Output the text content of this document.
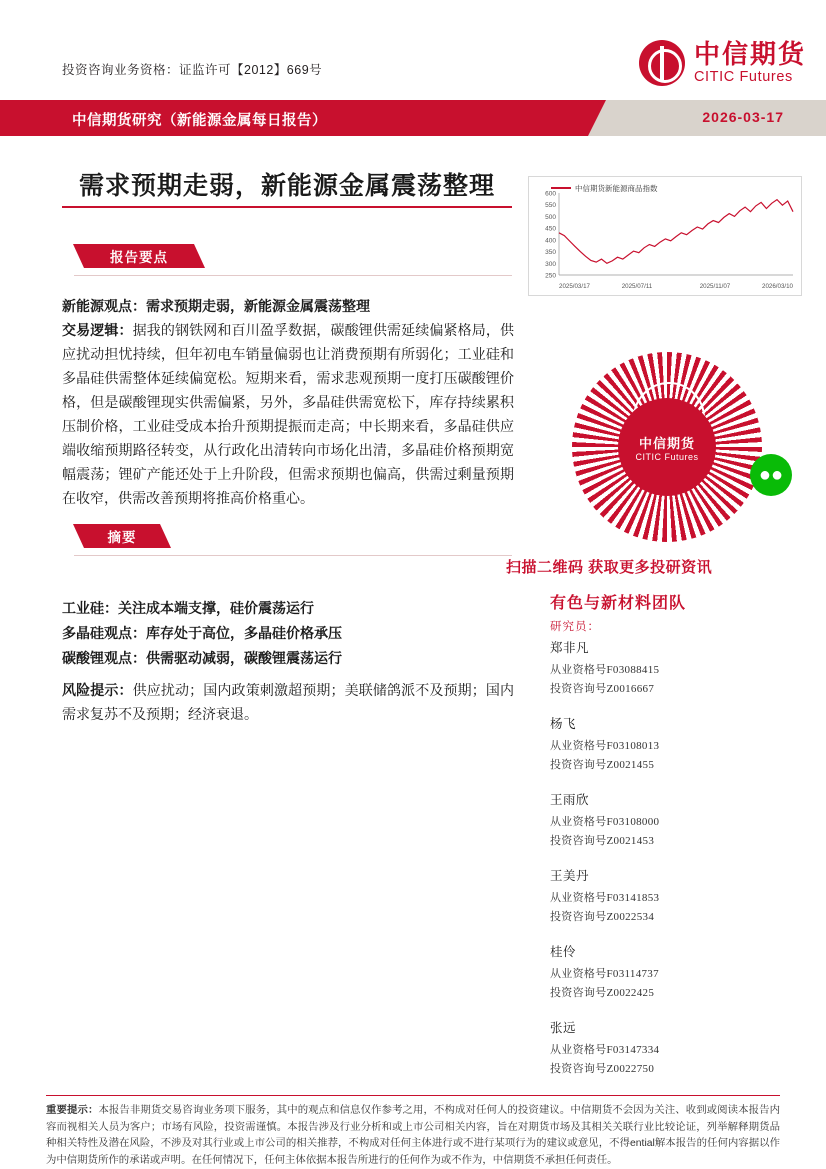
投资咨询业务资格：证监许可【2012】669号
中信期货
CITIC Futures
中信期货研究（新能源金属每日报告）	2026-03-17
需求预期走弱，新能源金属震荡整理
报告要点
新能源观点：需求预期走弱，新能源金属震荡整理
交易逻辑：据我的钢铁网和百川盈孚数据，碳酸锂供需延续偏紧格局，供应扰动担忧持续，但年初电车销量偏弱也让消费预期有所弱化；工业硅和多晶硅供需整体延续偏宽松。短期来看，需求悲观预期一度打压碳酸锂价格，但是碳酸锂现实供需偏紧，另外，多晶硅供需宽松下，库存持续累积压制价格，工业硅受成本抬升预期提振而走高；中长期来看，多晶硅供应端收缩预期路径转变，从行政化出清转向市场化出清，多晶硅价格预期宽幅震荡；锂矿产能还处于上升阶段，但需求预期也偏高，供需过剩量预期在收窄，供需改善预期将推高价格重心。
摘要
工业硅：关注成本端支撑，硅价震荡运行
多晶硅观点：库存处于高位，多晶硅价格承压
碳酸锂观点：供需驱动减弱，碳酸锂震荡运行
风险提示：供应扰动；国内政策刺激超预期；美联储鸽派不及预期；国内需求复苏不及预期；经济衰退。
中信期货新能源商品指数
250
300
350
400
450
500
550
600
2025/03/17	2025/07/11	2025/11/07	2026/03/10
中信期货
CITIC Futures
●●
扫描二维码 获取更多投研资讯
有色与新材料团队
研究员：
郑非凡
从业资格号F03088415
投资咨询号Z0016667
杨飞
从业资格号F03108013
投资咨询号Z0021455
王雨欣
从业资格号F03108000
投资咨询号Z0021453
王美丹
从业资格号F03141853
投资咨询号Z0022534
桂伶
从业资格号F03114737
投资咨询号Z0022425
张远
从业资格号F03147334
投资咨询号Z0022750
重要提示：本报告非期货交易咨询业务项下服务，其中的观点和信息仅作参考之用，不构成对任何人的投资建议。中信期货不会因为关注、收到或阅读本报告内容而视相关人员为客户；市场有风险，投资需谨慎。本报告涉及行业分析和或上市公司相关内容，旨在对期货市场及其相关关联行业比较论证，列举解释期货品种相关特性及潜在风险，不涉及对其行业或上市公司的相关推荐，不构成对任何主体进行或不进行某项行为的建议或意见，不得ential解本报告的任何内容据以作为中信期货所作的承诺或声明。在任何情况下，任何主体依据本报告所进行的任何作为或不作为，中信期货不承担任何责任。
